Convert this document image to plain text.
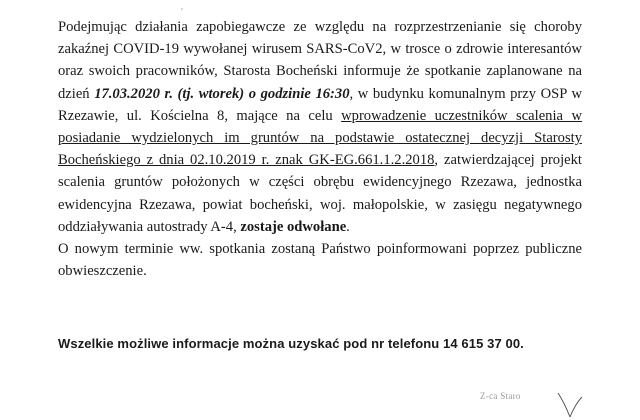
'

Podejmując działania zapobiegawcze ze względu na rozprzestrzenianie się choroby zakaźnej COVID-19 wywołanej wirusem SARS-CoV2, w trosce o zdrowie interesantów oraz swoich pracowników, Starosta Bocheński informuje że spotkanie zaplanowane na dzień 17.03.2020 r. (tj. wtorek) o godzinie 16:30, w budynku komunalnym przy OSP w Rzezawie, ul. Kościelna 8, mające na celu wprowadzenie uczestników scalenia w posiadanie wydzielonych im gruntów na podstawie ostatecznej decyzji Starosty Bocheńskiego z dnia 02.10.2019 r. znak GK-EG.661.1.2.2018, zatwierdzającej projekt scalenia gruntów położonych w części obrębu ewidencyjnego Rzezawa, jednostka ewidencyjna Rzezawa, powiat bocheński, woj. małopolskie, w zasięgu negatywnego oddziaływania autostrady A-4, zostaje odwołane.

O nowym terminie ww. spotkania zostaną Państwo poinformowani poprzez publiczne obwieszczenie.

Wszelkie możliwe informacje można uzyskać pod nr telefonu 14 615 37 00.
Z-ca Staro
